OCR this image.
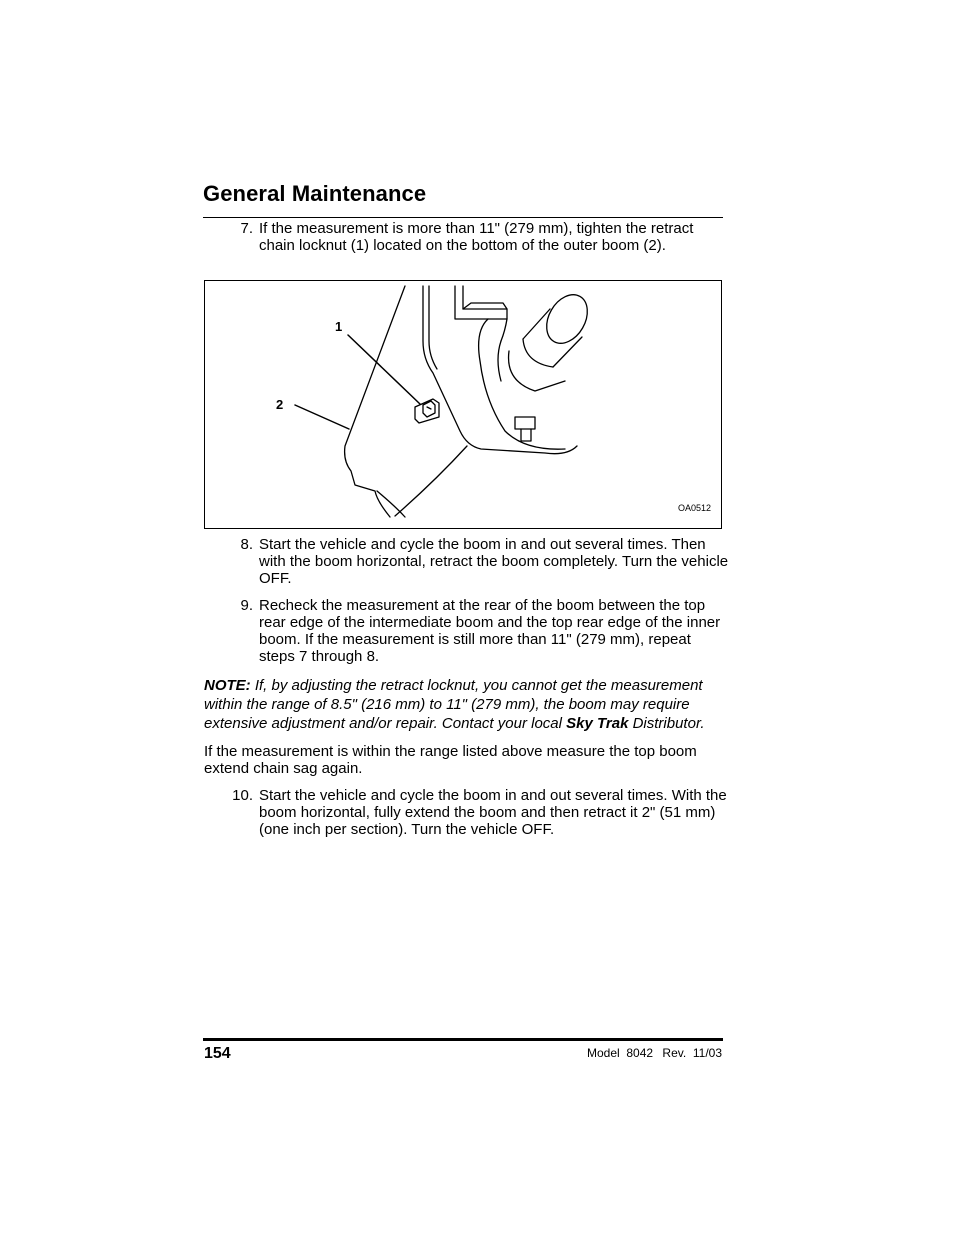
General Maintenance
7. If the measurement is more than 11" (279 mm), tighten the retract chain locknut (1) located on the bottom of the outer boom (2).
1
2
OA0512
8. Start the vehicle and cycle the boom in and out several times. Then with the boom horizontal, retract the boom completely. Turn the vehicle OFF.
9. Recheck the measurement at the rear of the boom between the top rear edge of the intermediate boom and the top rear edge of the inner boom. If the measurement is still more than 11" (279 mm), repeat steps 7 through 8.
NOTE: If, by adjusting the retract locknut, you cannot get the measurement within the range of 8.5" (216 mm) to 11" (279 mm), the boom may require extensive adjustment and/or repair. Contact your local Sky Trak Distributor.
If the measurement is within the range listed above measure the top boom extend chain sag again.
10. Start the vehicle and cycle the boom in and out several times. With the boom horizontal, fully extend the boom and then retract it 2" (51 mm) (one inch per section). Turn the vehicle OFF.
154	Model  8042 Rev.  11/03
